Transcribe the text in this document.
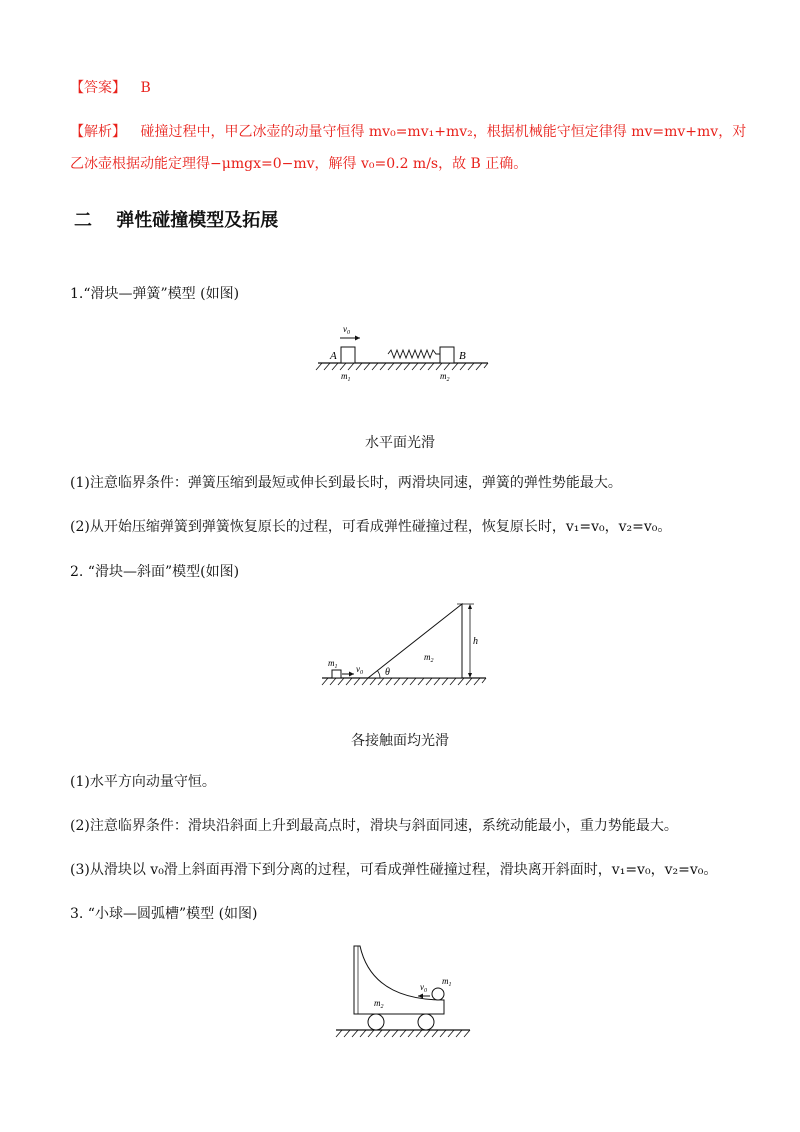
【答案】 B
【解析】 碰撞过程中，甲乙冰壶的动量守恒得 mv₀=mv₁+mv₂，根据机械能守恒定律得 mv=mv+mv，对
乙冰壶根据动能定理得−μmgx=0−mv，解得 v₀=0.2 m/s，故 B 正确。
二 弹性碰撞模型及拓展
1.“滑块—弹簧”模型 (如图)
$v_0$
A	B
$m_1$	$m_2$
水平面光滑
(1)注意临界条件：弹簧压缩到最短或伸长到最长时，两滑块同速，弹簧的弹性势能最大。
(2)从开始压缩弹簧到弹簧恢复原长的过程，可看成弹性碰撞过程，恢复原长时，v₁=v₀，v₂=v₀。
2. “滑块—斜面”模型(如图)
θ
$m_1$ $v_0$
$m_2$
h
各接触面均光滑
(1)水平方向动量守恒。
(2)注意临界条件：滑块沿斜面上升到最高点时，滑块与斜面同速，系统动能最小，重力势能最大。
(3)从滑块以 v₀滑上斜面再滑下到分离的过程，可看成弹性碰撞过程，滑块离开斜面时，v₁=v₀，v₂=v₀。
3. “小球—圆弧槽”模型 (如图)
$m_1$
$v_0$
$m_2$
